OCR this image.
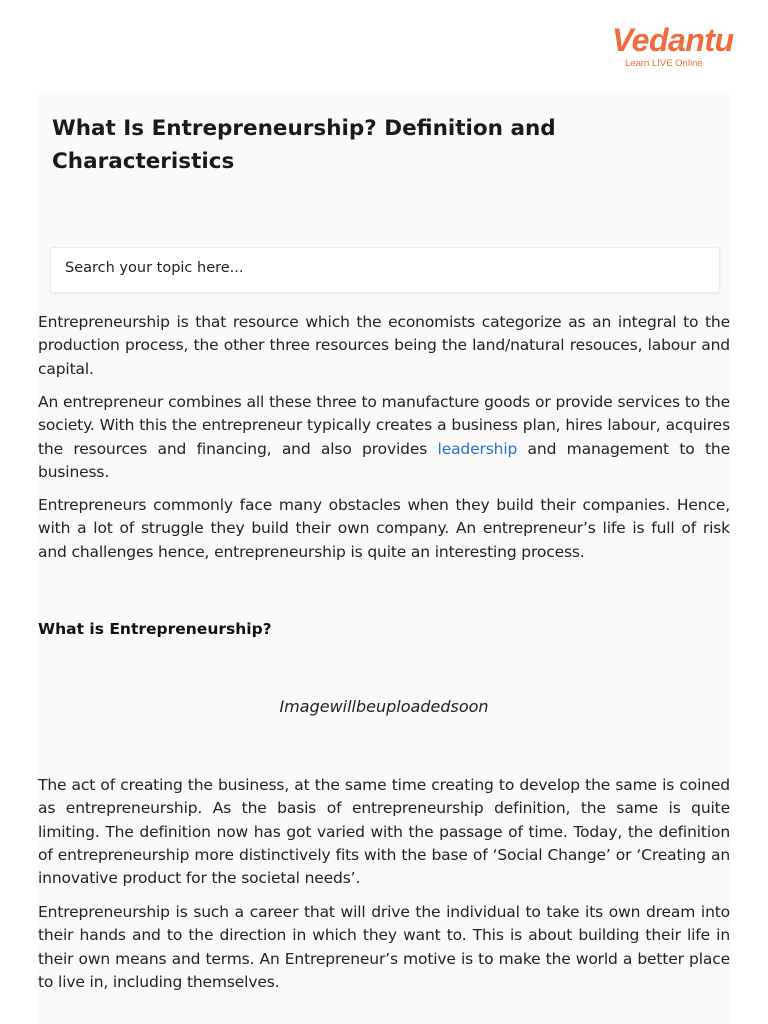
Vedantu
Learn LIVE Online
What Is Entrepreneurship? Definition and Characteristics
Search your topic here...

Entrepreneurship is that resource which the economists categorize as an integral to the production process, the other three resources being the land/natural resouces, labour and capital.

An entrepreneur combines all these three to manufacture goods or provide services to the society. With this the entrepreneur typically creates a business plan, hires labour, acquires the resources and financing, and also provides leadership and management to the business.

Entrepreneurs commonly face many obstacles when they build their companies. Hence, with a lot of struggle they build their own company. An entrepreneur’s life is full of risk and challenges hence, entrepreneurship is quite an interesting process.

What is Entrepreneurship?
Imagewillbeuploadedsoon

The act of creating the business, at the same time creating to develop the same is coined as entrepreneurship. As the basis of entrepreneurship definition, the same is quite limiting. The definition now has got varied with the passage of time. Today, the definition of entrepreneurship more distinctively fits with the base of ‘Social Change’ or ‘Creating an innovative product for the societal needs’.

Entrepreneurship is such a career that will drive the individual to take its own dream into their hands and to the direction in which they want to. This is about building their life in their own means and terms. An Entrepreneur’s motive is to make the world a better place to live in, including themselves.
